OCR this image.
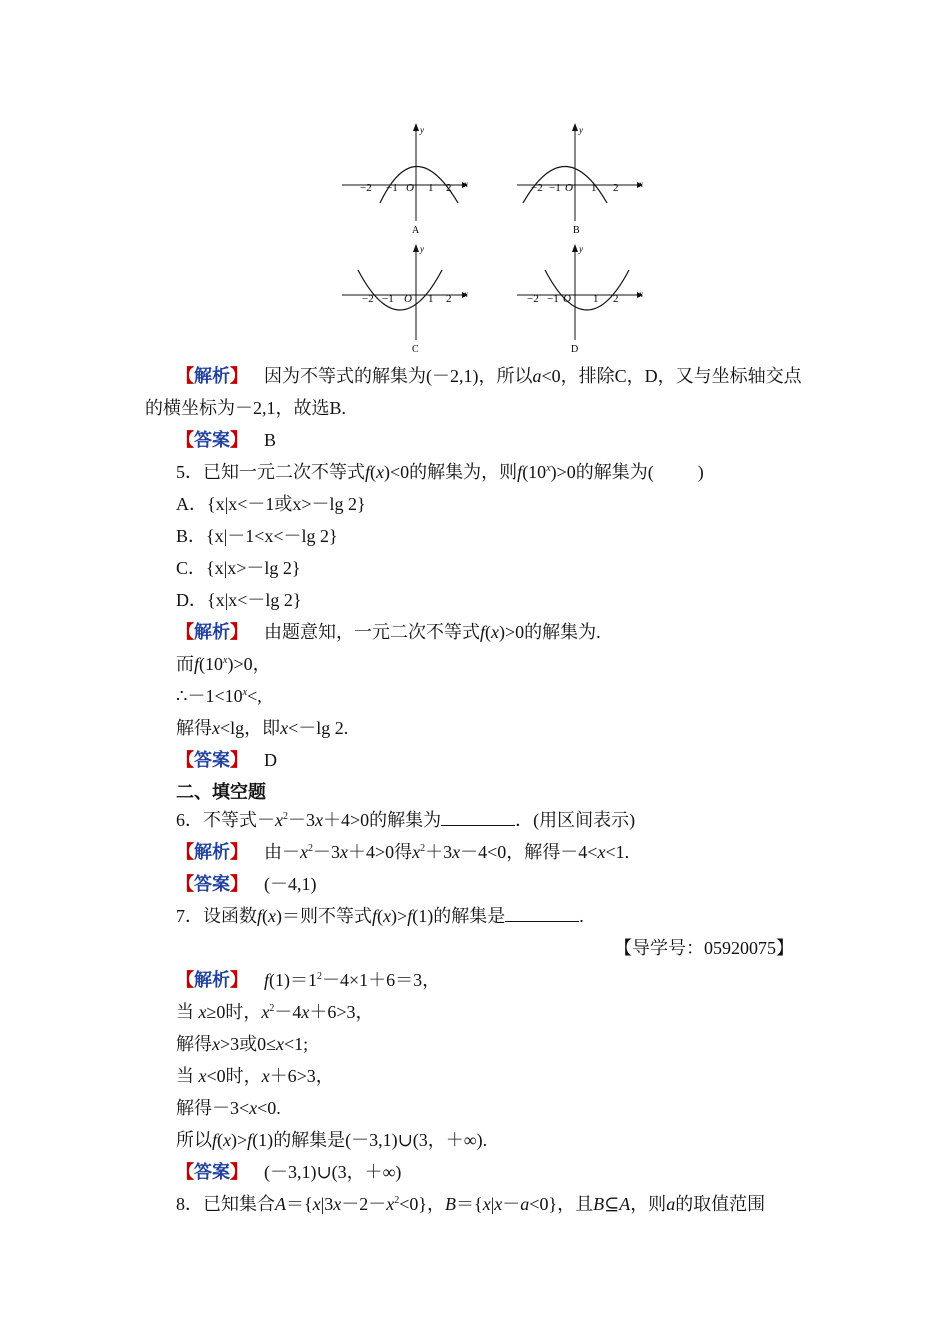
−2 −1 O 1 2 x
y
A
−2 −1 O 1 2 x
y
B
−2 −1 O 1 2 x
y
C
−2 −1 O 1 2 x
y
D
【解析】 因为不等式的解集为(－2,1)，所以a<0，排除C，D，又与坐标轴交点
的横坐标为－2,1，故选B.
【答案】 B
5．已知一元二次不等式f(x)<0的解集为，则$f(10^x)>0$的解集为( )
A．{x|x<－1或x>－lg 2}
B．{x|－1<x<－lg 2}
C．{x|x>－lg 2}
D．{x|x<－lg 2}
【解析】 由题意知，一元二次不等式f(x)>0的解集为.
而$f(10^x)>0$，
$\therefore-1<10^x<$,
解得x<lg，即x<－lg 2.
【答案】 D
二、填空题
6．不等式$-x^2-3x+4>0$的解集为	．(用区间表示)
【解析】 由$-x^2-3x+4>0$得$x^2+3x-4<0$，解得－4<x<1.
【答案】 (－4,1)
7．设函数f(x)＝则不等式f(x)>f(1)的解集是	.
【导学号：05920075】
【解析】 $f(1)=1^2-4\times 1+6=3$，
当 x≥0时，$x^2-4x+6>3$，
解得x>3或0≤x<1;
当 x<0时，x＋6>3，
解得－3<x<0.
所以f(x)>f(1)的解集是(－3,1)∪(3，＋∞).
【答案】 (－3,1)∪(3，＋∞)
8．已知集合$A=\{x|3x-2-x^2<0\}$，B＝{x|x－a<0}，且B⊆A，则a的取值范围
